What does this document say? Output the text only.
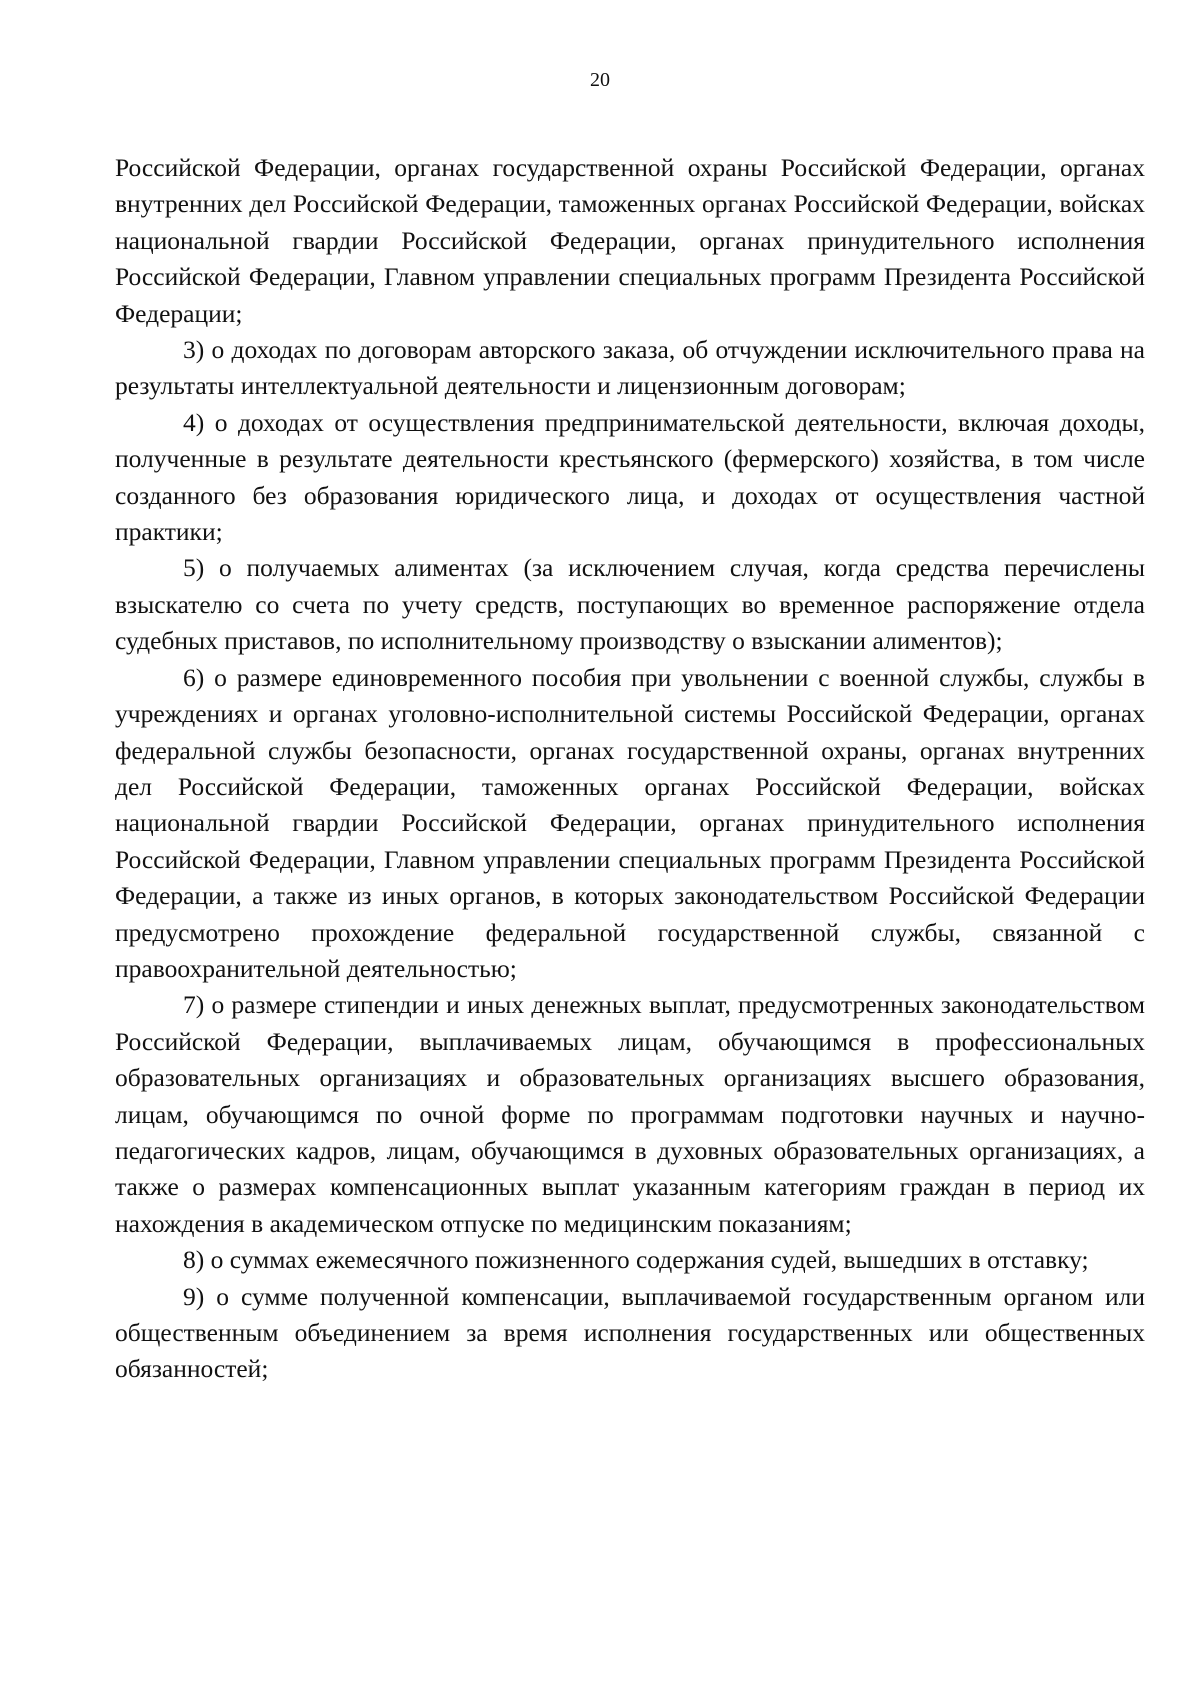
20

Российской Федерации, органах государственной охраны Российской Федерации, органах внутренних дел Российской Федерации, таможенных органах Российской Федерации, войсках национальной гвардии Российской Федерации, органах принудительного исполнения Российской Федерации, Главном управлении специальных программ Президента Российской Федерации;

3) о доходах по договорам авторского заказа, об отчуждении исключительного права на результаты интеллектуальной деятельности и лицензионным договорам;

4) о доходах от осуществления предпринимательской деятельности, включая доходы, полученные в результате деятельности крестьянского (фермерского) хозяйства, в том числе созданного без образования юридического лица, и доходах от осуществления частной практики;

5) о получаемых алиментах (за исключением случая, когда средства перечислены взыскателю со счета по учету средств, поступающих во временное распоряжение отдела судебных приставов, по исполнительному производству о взыскании алиментов);

6) о размере единовременного пособия при увольнении с военной службы, службы в учреждениях и органах уголовно-исполнительной системы Российской Федерации, органах федеральной службы безопасности, органах государственной охраны, органах внутренних дел Российской Федерации, таможенных органах Российской Федерации, войсках национальной гвардии Российской Федерации, органах принудительного исполнения Российской Федерации, Главном управлении специальных программ Президента Российской Федерации, а также из иных органов, в которых законодательством Российской Федерации предусмотрено прохождение федеральной государственной службы, связанной с правоохранительной деятельностью;

7) о размере стипендии и иных денежных выплат, предусмотренных законодательством Российской Федерации, выплачиваемых лицам, обучающимся в профессиональных образовательных организациях и образовательных организациях высшего образования, лицам, обучающимся по очной форме по программам подготовки научных и научно-педагогических кадров, лицам, обучающимся в духовных образовательных организациях, а также о размерах компенсационных выплат указанным категориям граждан в период их нахождения в академическом отпуске по медицинским показаниям;

8) о суммах ежемесячного пожизненного содержания судей, вышедших в отставку;

9) о сумме полученной компенсации, выплачиваемой государственным органом или общественным объединением за время исполнения государственных или общественных обязанностей;
